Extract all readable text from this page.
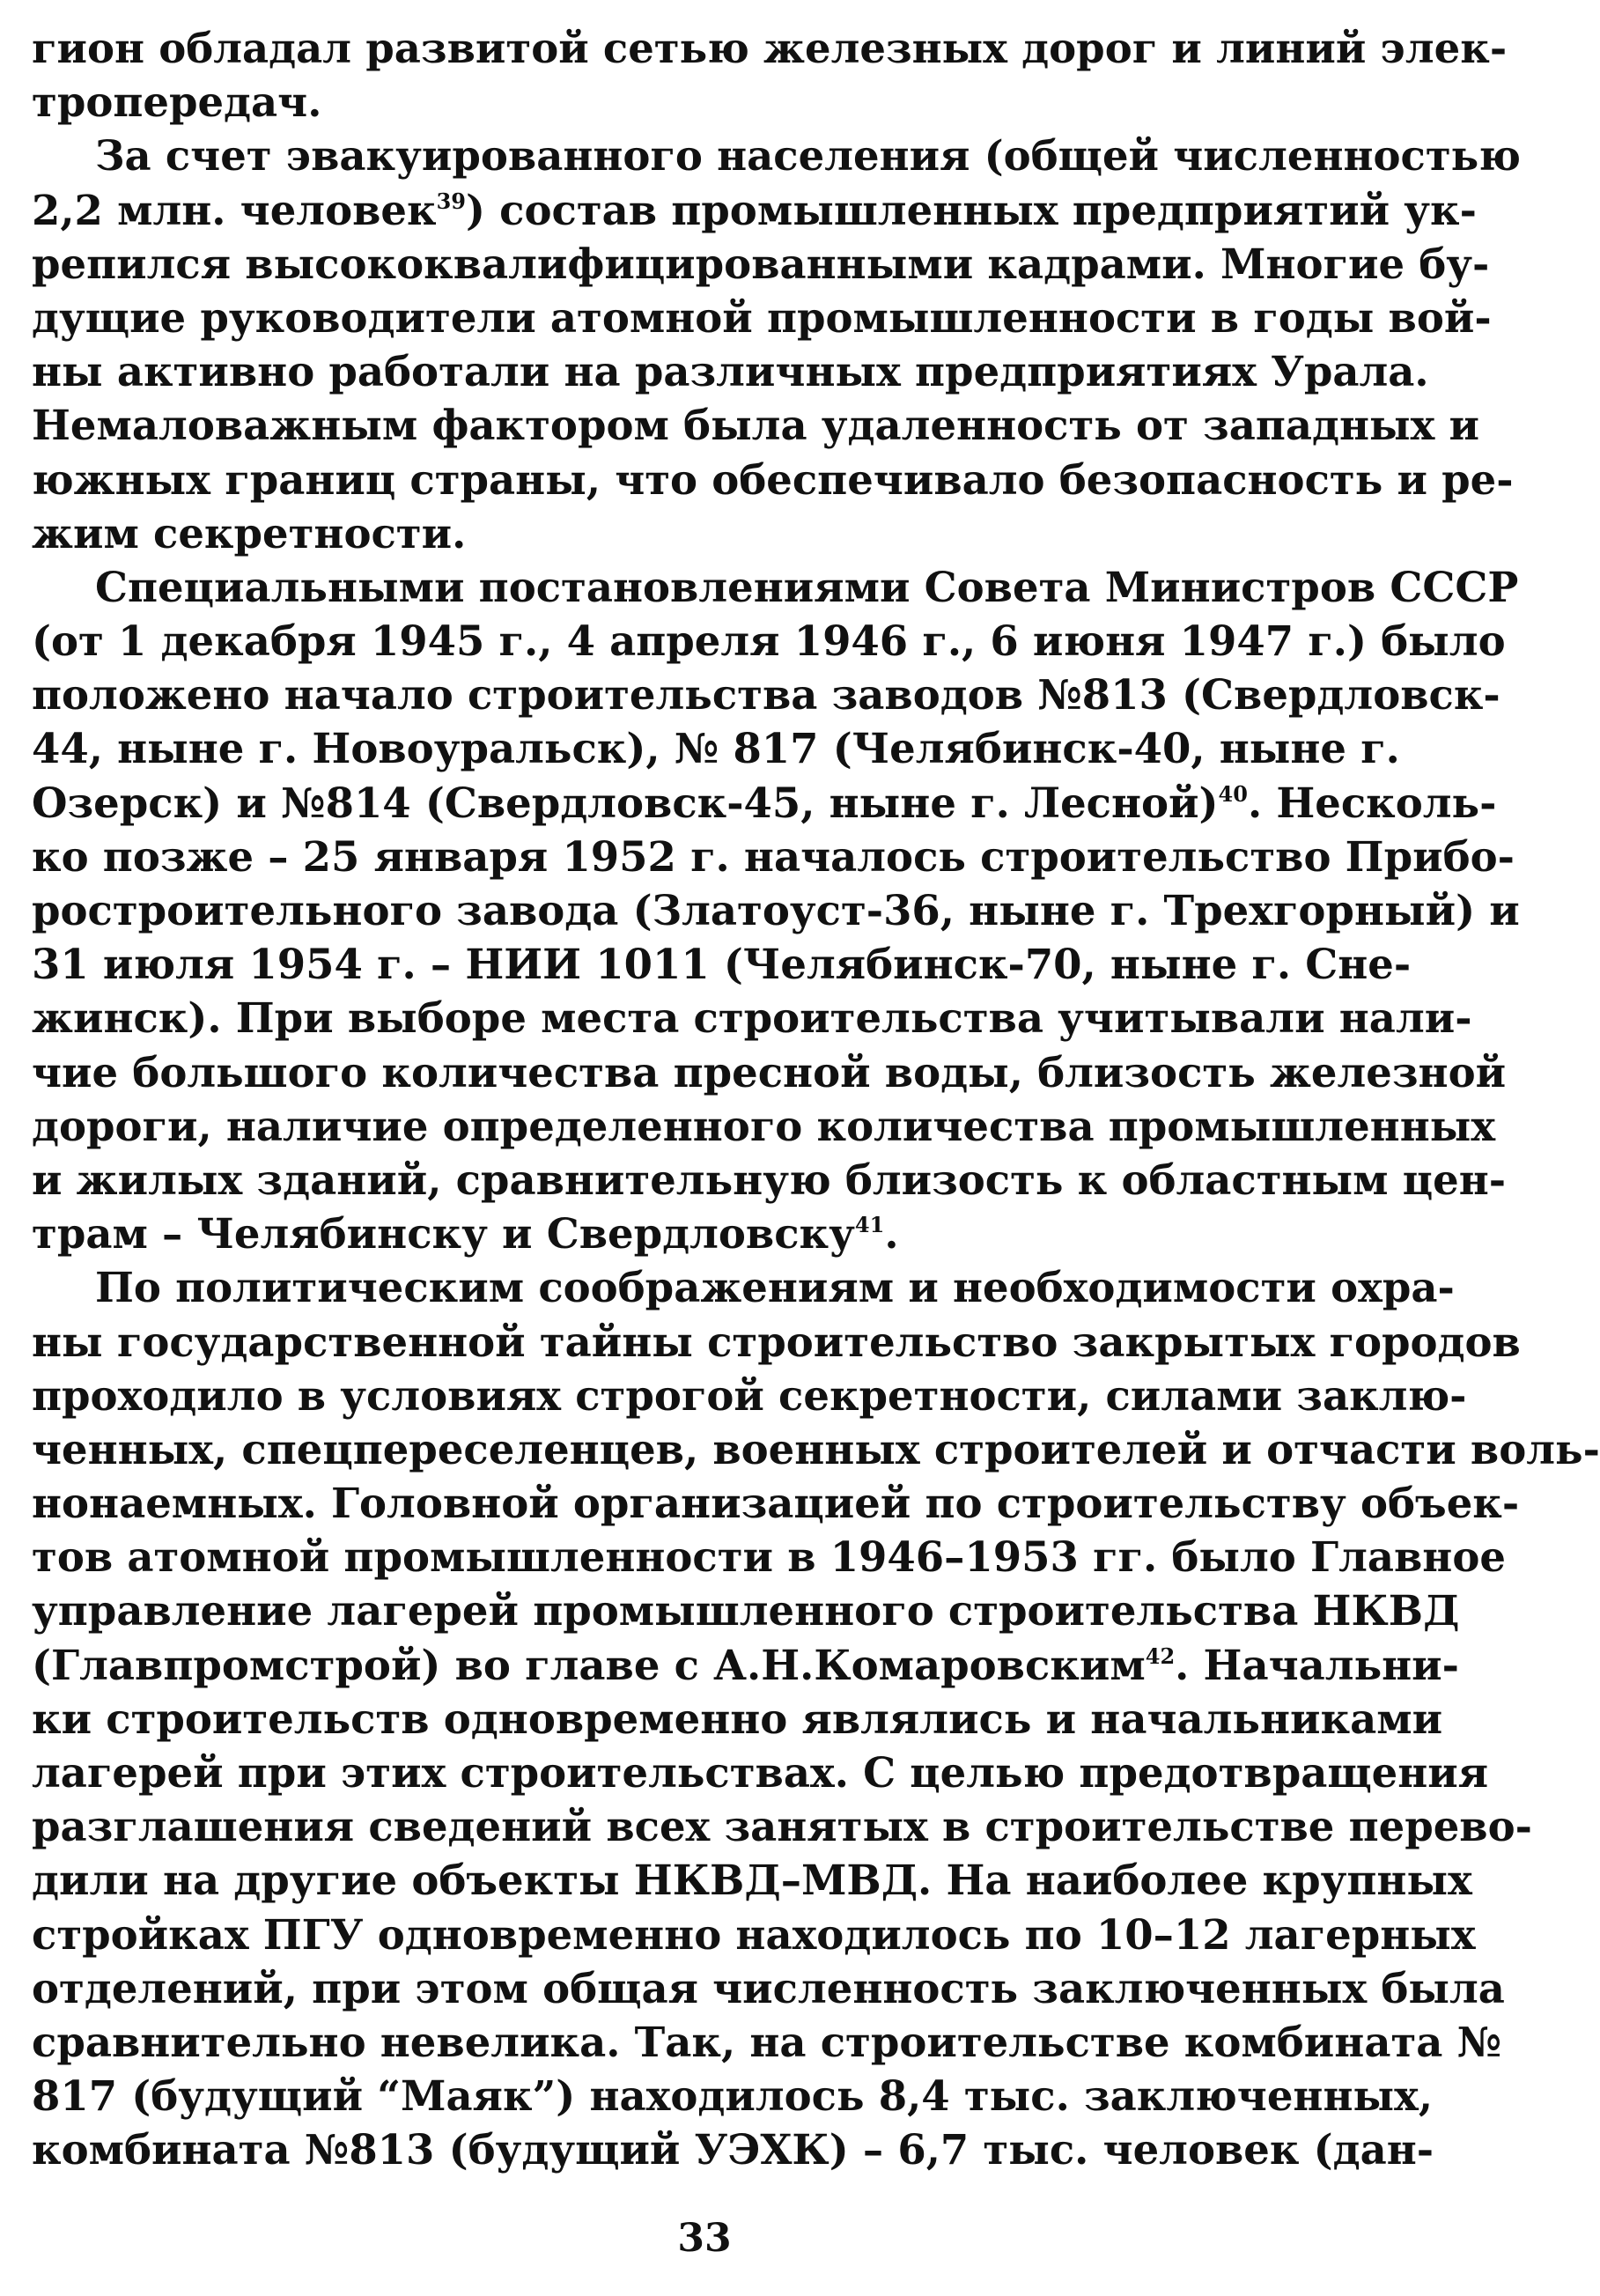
гион обладал развитой сетью железных дорог и линий элек-
тропередач.
За счет эвакуированного населения (общей численностью
2,2 млн. человек$^{39}$) состав промышленных предприятий ук-
репился высококвалифицированными кадрами. Многие бу-
дущие руководители атомной промышленности в годы вой-
ны активно работали на различных предприятиях Урала.
Немаловажным фактором была удаленность от западных и
южных границ страны, что обеспечивало безопасность и ре-
жим секретности.
Специальными постановлениями Совета Министров СССР
(от 1 декабря 1945 г., 4 апреля 1946 г., 6 июня 1947 г.) было
положено начало строительства заводов №813 (Свердловск-
44, ныне г. Новоуральск), № 817 (Челябинск-40, ныне г.
Озерск) и №814 (Свердловск-45, ныне г. Лесной)$^{40}$. Несколь-
ко позже – 25 января 1952 г. началось строительство Прибо-
ростроительного завода (Златоуст-36, ныне г. Трехгорный) и
31 июля 1954 г. – НИИ 1011 (Челябинск-70, ныне г. Сне-
жинск). При выборе места строительства учитывали нали-
чие большого количества пресной воды, близость железной
дороги, наличие определенного количества промышленных
и жилых зданий, сравнительную близость к областным цен-
трам – Челябинску и Свердловску$^{41}$.
По политическим соображениям и необходимости охра-
ны государственной тайны строительство закрытых городов
проходило в условиях строгой секретности, силами заклю-
ченных, спецпереселенцев, военных строителей и отчасти воль-
нонаемных. Головной организацией по строительству объек-
тов атомной промышленности в 1946–1953 гг. было Главное
управление лагерей промышленного строительства НКВД
(Главпромстрой) во главе с А.Н.Комаровским$^{42}$. Начальни-
ки строительств одновременно являлись и начальниками
лагерей при этих строительствах. С целью предотвращения
разглашения сведений всех занятых в строительстве перево-
дили на другие объекты НКВД–МВД. На наиболее крупных
стройках ПГУ одновременно находилось по 10–12 лагерных
отделений, при этом общая численность заключенных была
сравнительно невелика. Так, на строительстве комбината №
817 (будущий “Маяк”) находилось 8,4 тыс. заключенных,
комбината №813 (будущий УЭХК) – 6,7 тыс. человек (дан-
33
